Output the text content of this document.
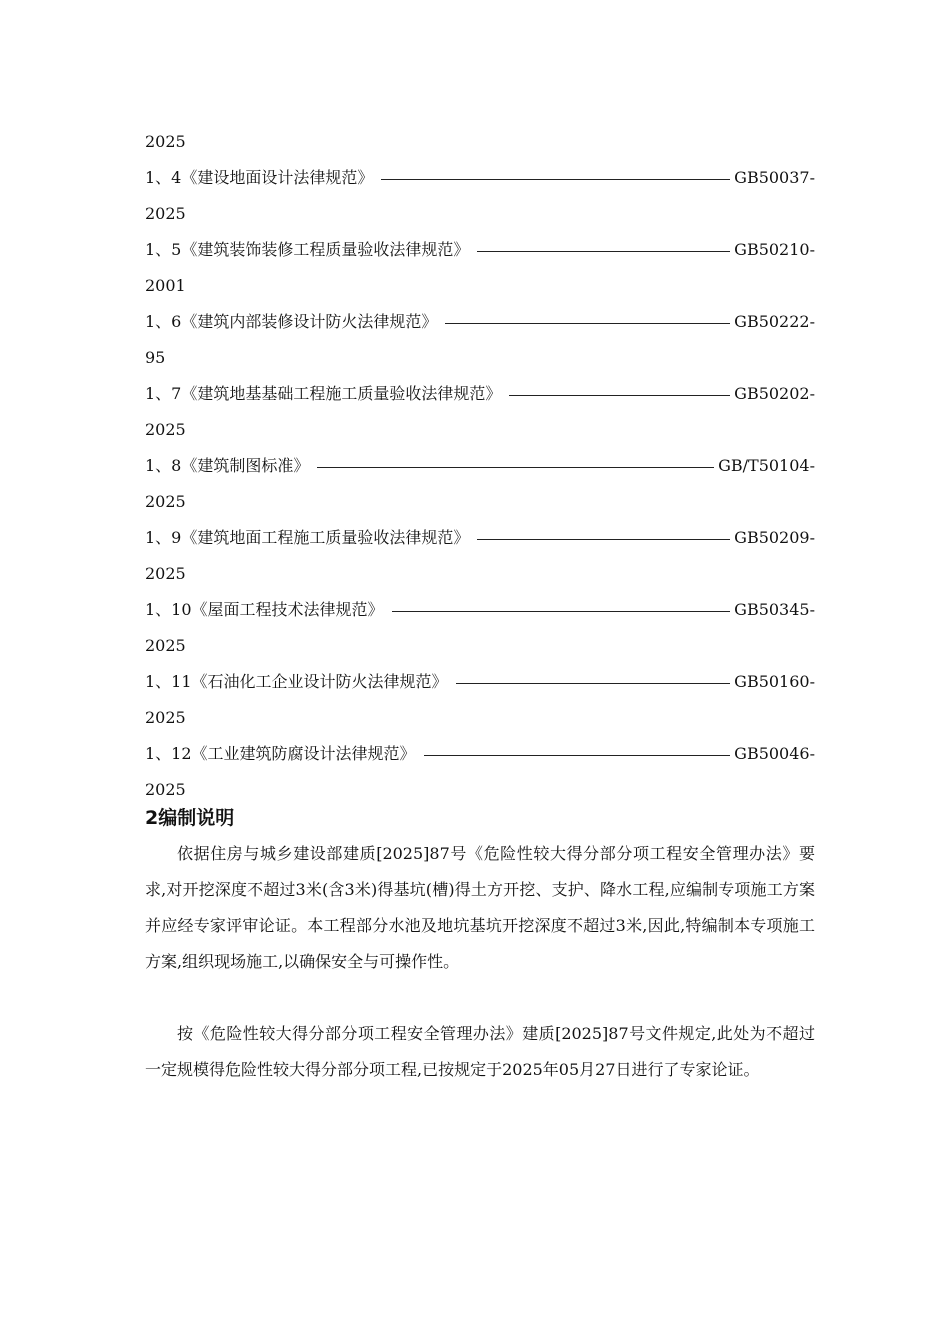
2025
1、4《建设地面设计法律规范》	GB50037-
2025
1、5《建筑装饰装修工程质量验收法律规范》	GB50210-
2001
1、6《建筑内部装修设计防火法律规范》	GB50222-
95
1、7《建筑地基基础工程施工质量验收法律规范》	GB50202-
2025
1、8《建筑制图标准》	GB/T50104-
2025
1、9《建筑地面工程施工质量验收法律规范》	GB50209-
2025
1、10《屋面工程技术法律规范》	GB50345-
2025
1、11《石油化工企业设计防火法律规范》	GB50160-
2025
1、12《工业建筑防腐设计法律规范》	GB50046-
2025
2编制说明

依据住房与城乡建设部建质[2025]87号《危险性较大得分部分项工程安全管理办法》要求,对开挖深度不超过3米(含3米)得基坑(槽)得土方开挖、支护、降水工程,应编制专项施工方案并应经专家评审论证。本工程部分水池及地坑基坑开挖深度不超过3米,因此,特编制本专项施工方案,组织现场施工,以确保安全与可操作性。

按《危险性较大得分部分项工程安全管理办法》建质[2025]87号文件规定,此处为不超过一定规模得危险性较大得分部分项工程,已按规定于2025年05月27日进行了专家论证。
